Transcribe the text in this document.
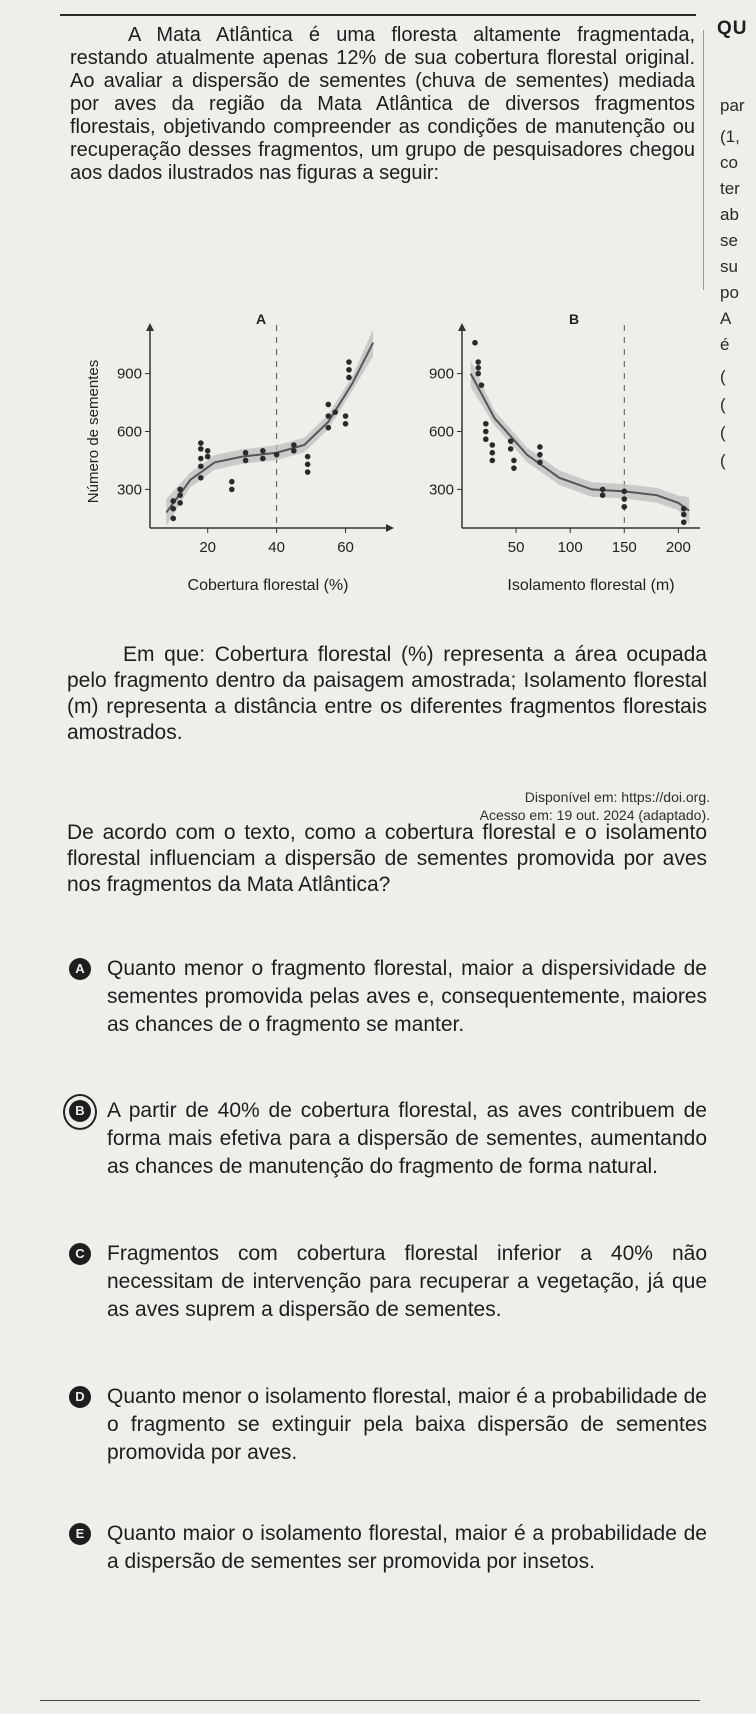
QU
par
(1,
co
ter
ab
se
su
po
A
é
(
(
(
(
A Mata Atlântica é uma floresta altamente fragmentada, restando atualmente apenas 12% de sua cobertura florestal original. Ao avaliar a dispersão de sementes (chuva de sementes) mediada por aves da região da Mata Atlântica de diversos fragmentos florestais, objetivando compreender as condições de manutenção ou recuperação desses fragmentos, um grupo de pesquisadores chegou aos dados ilustrados nas figuras a seguir:
A
300
600
900
20	40	60
Cobertura florestal (%)
Número de sementes
B
300
600
900
50 100 150 200
Isolamento florestal (m)
Em que: Cobertura florestal (%) representa a área ocupada pelo fragmento dentro da paisagem amostrada; Isolamento florestal (m) representa a distância entre os diferentes fragmentos florestais amostrados.
Disponível em: https://doi.org.
Acesso em: 19 out. 2024 (adaptado).
De acordo com o texto, como a cobertura florestal e o isolamento florestal influenciam a dispersão de sementes promovida por aves nos fragmentos da Mata Atlântica?
A	Quanto menor o fragmento florestal, maior a dispersividade de sementes promovida pelas aves e, consequentemente, maiores as chances de o fragmento se manter.
B	A partir de 40% de cobertura florestal, as aves contribuem de forma mais efetiva para a dispersão de sementes, aumentando as chances de manutenção do fragmento de forma natural.
C	Fragmentos com cobertura florestal inferior a 40% não necessitam de intervenção para recuperar a vegetação, já que as aves suprem a dispersão de sementes.
D	Quanto menor o isolamento florestal, maior é a probabilidade de o fragmento se extinguir pela baixa dispersão de sementes promovida por aves.
E	Quanto maior o isolamento florestal, maior é a probabilidade de a dispersão de sementes ser promovida por insetos.
